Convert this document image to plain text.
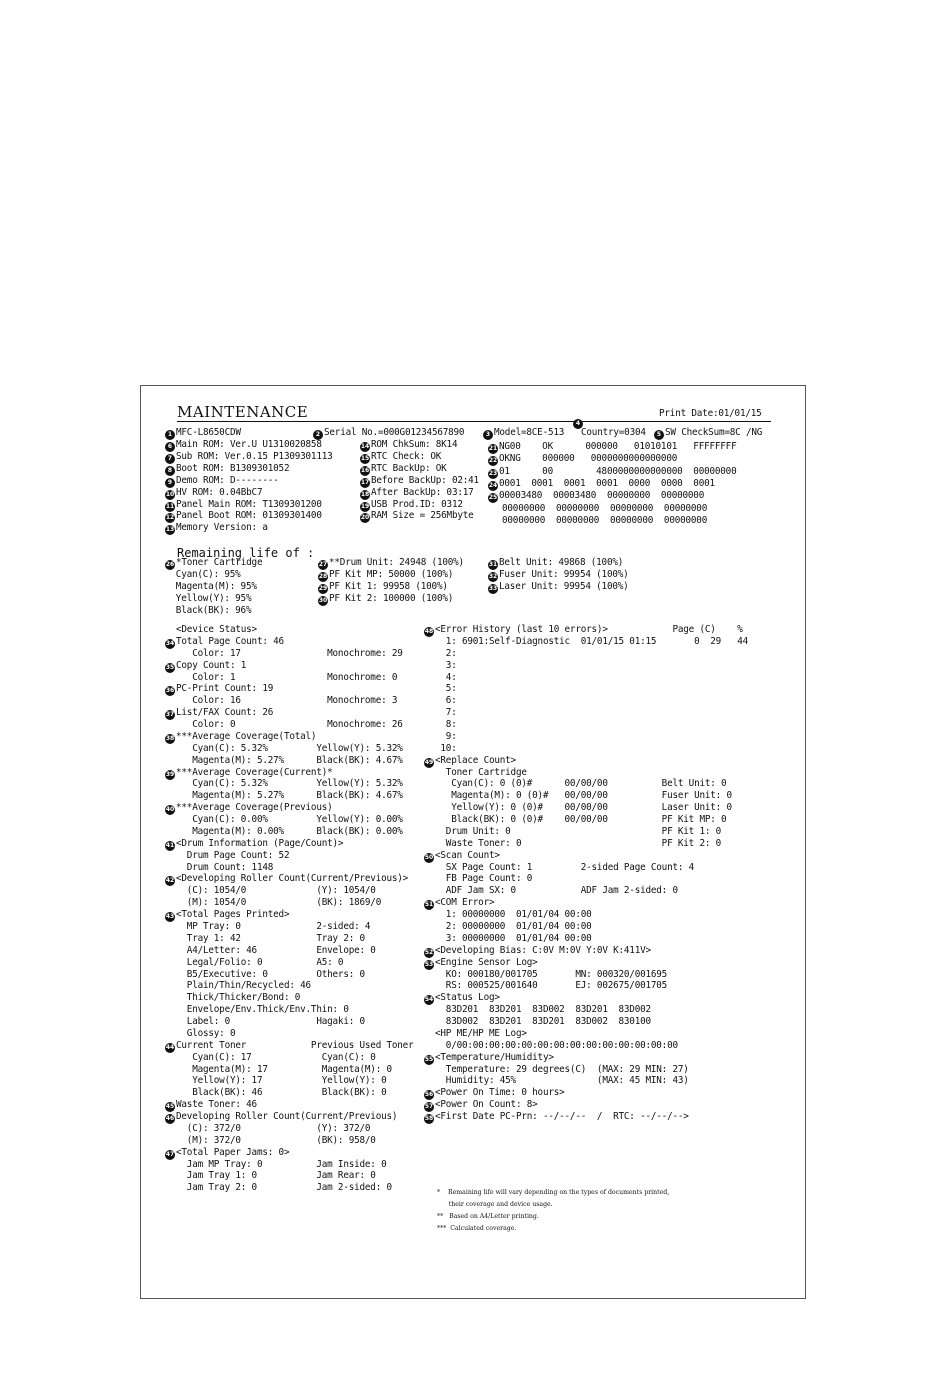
MAINTENANCE	Print Date:01/01/15
4
1 MFC-L8650CDW	2 Serial No.=000G01234567890	3 Model=8CE-513 Country=0304	5 SW CheckSum=8C /NG
6 Main ROM: Ver.U U1310020858
7 Sub ROM: Ver.0.15 P1309301113
8 Boot ROM: B1309301052
9 Demo ROM: D--------
10 HV ROM: 0.04BbC7
11 Panel Main ROM: T1309301200
12 Panel Boot ROM: 01309301400
13 Memory Version: a
14 ROM ChkSum: 8K14
15 RTC Check: OK
16 RTC BackUp: OK
17 Before BackUp: 02:41
18 After BackUp: 03:17
19 USB Prod.ID: 0312
20 RAM Size = 256Mbyte
21 NG00    OK      000000   01010101   FFFFFFFF
22 OKNG    000000   0000000000000000
23 01      00        4800000000000000  00000000
24 0001  0001  0001  0001  0000  0000  0001
25 00003480  00003480  00000000  00000000
00000000  00000000  00000000  00000000
00000000  00000000  00000000  00000000
26 *Toner Cartridge
Cyan(C): 95%
Magenta(M): 95%
Yellow(Y): 95%
Black(BK): 96%
27 **Drum Unit: 24948 (100%)
28 PF Kit MP: 50000 (100%)
29 PF Kit 1: 99958 (100%)
30 PF Kit 2: 100000 (100%)
31 Belt Unit: 49868 (100%)
32 Fuser Unit: 99954 (100%)
33 Laser Unit: 99954 (100%)
<Device Status>
34 Total Page Count: 46
Color: 17                Monochrome: 29
35 Copy Count: 1
Color: 1                 Monochrome: 0
36 PC-Print Count: 19
Color: 16                Monochrome: 3
37 List/FAX Count: 26
Color: 0                 Monochrome: 26
38 ***Average Coverage(Total)
Cyan(C): 5.32%         Yellow(Y): 5.32%
Magenta(M): 5.27%      Black(BK): 4.67%
39 ***Average Coverage(Current)*
Cyan(C): 5.32%         Yellow(Y): 5.32%
Magenta(M): 5.27%      Black(BK): 4.67%
40 ***Average Coverage(Previous)
Cyan(C): 0.00%         Yellow(Y): 0.00%
Magenta(M): 0.00%      Black(BK): 0.00%
41 <Drum Information (Page/Count)>
Drum Page Count: 52
Drum Count: 1148
42 <Developing Roller Count(Current/Previous)>
(C): 1054/0             (Y): 1054/0
(M): 1054/0             (BK): 1869/0
43 <Total Pages Printed>
MP Tray: 0              2-sided: 4
Tray 1: 42              Tray 2: 0
A4/Letter: 46           Envelope: 0
Legal/Folio: 0          A5: 0
B5/Executive: 0         Others: 0
Plain/Thin/Recycled: 46
Thick/Thicker/Bond: 0
Envelope/Env.Thick/Env.Thin: 0
Label: 0                Hagaki: 0
Glossy: 0
44 Current Toner            Previous Used Toner
Cyan(C): 17             Cyan(C): 0
Magenta(M): 17          Magenta(M): 0
Yellow(Y): 17           Yellow(Y): 0
Black(BK): 46           Black(BK): 0
45 Waste Toner: 46
46 Developing Roller Count(Current/Previous)
(C): 372/0              (Y): 372/0
(M): 372/0              (BK): 958/0
47 <Total Paper Jams: 0>
Jam MP Tray: 0          Jam Inside: 0
Jam Tray 1: 0           Jam Rear: 0
Jam Tray 2: 0           Jam 2-sided: 0
48 <Error History (last 10 errors)>            Page (C)    %
1: 6901:Self-Diagnostic  01/01/15 01:15       0  29   44
2:
3:
4:
5:
6:
7:
8:
9:
10:
49 <Replace Count>
Toner Cartridge
Cyan(C): 0 (0)#      00/00/00          Belt Unit: 0
Magenta(M): 0 (0)#   00/00/00          Fuser Unit: 0
Yellow(Y): 0 (0)#    00/00/00          Laser Unit: 0
Black(BK): 0 (0)#    00/00/00          PF Kit MP: 0
Drum Unit: 0                            PF Kit 1: 0
Waste Toner: 0                          PF Kit 2: 0
50 <Scan Count>
SX Page Count: 1         2-sided Page Count: 4
FB Page Count: 0
ADF Jam SX: 0            ADF Jam 2-sided: 0
51 <COM Error>
1: 00000000  01/01/04 00:00
2: 00000000  01/01/04 00:00
3: 00000000  01/01/04 00:00
52 <Developing Bias: C:0V M:0V Y:0V K:411V>
53 <Engine Sensor Log>
KO: 000180/001705       MN: 000320/001695
RS: 000525/001640       EJ: 002675/001705
54 <Status Log>
83D201  83D201  83D002  83D201  83D002
83D002  83D201  83D201  83D002  830100
<HP ME/HP ME Log>
0/00:00:00:00:00:00:00:00:00:00:00:00:00:00
55 <Temperature/Humidity>
Temperature: 29 degrees(C)  (MAX: 29 MIN: 27)
Humidity: 45%               (MAX: 45 MIN: 43)
56 <Power On Time: 0 hours>
57 <Power On Count: 8>
58 <First Date PC-Prn: --/--/--  /  RTC: --/--/-->
Remaining life of :
*    Remaining life will vary depending on the types of documents printed,
their coverage and device usage.
**   Based on A4/Letter printing.
***  Calculated coverage.
